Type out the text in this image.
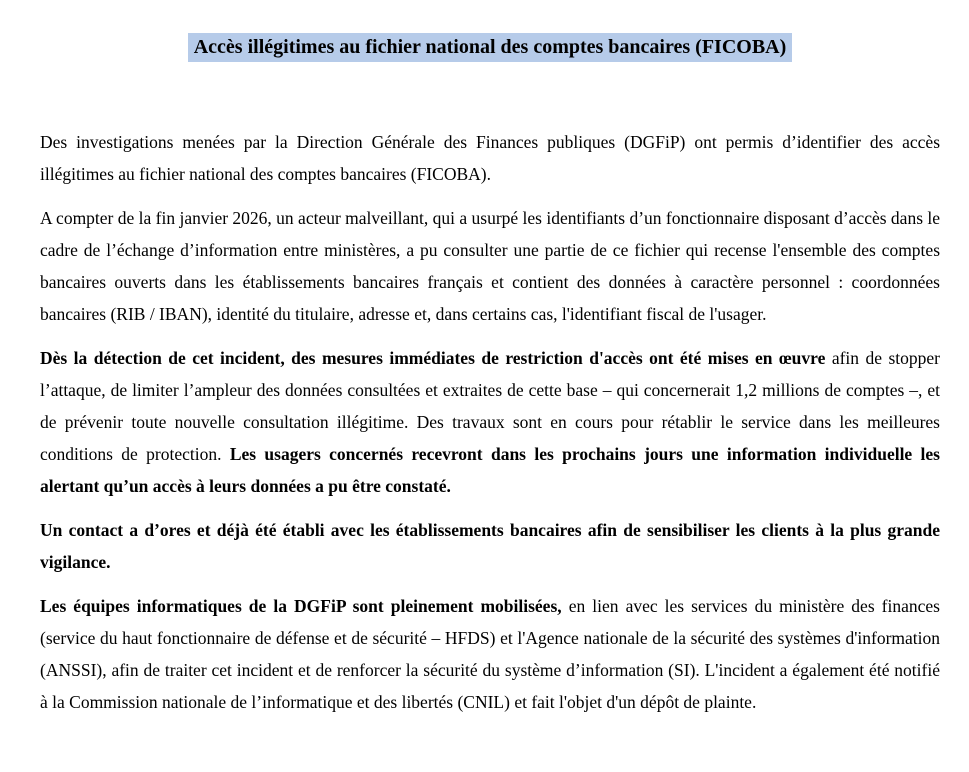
Accès illégitimes au fichier national des comptes bancaires (FICOBA)

Des investigations menées par la Direction Générale des Finances publiques (DGFiP) ont permis d’identifier des accès illégitimes au fichier national des comptes bancaires (FICOBA).

A compter de la fin janvier 2026, un acteur malveillant, qui a usurpé les identifiants d’un fonctionnaire disposant d’accès dans le cadre de l’échange d’information entre ministères, a pu consulter une partie de ce fichier qui recense l'ensemble des comptes bancaires ouverts dans les établissements bancaires français et contient des données à caractère personnel : coordonnées bancaires (RIB / IBAN), identité du titulaire, adresse et, dans certains cas, l'identifiant fiscal de l'usager.

Dès la détection de cet incident, des mesures immédiates de restriction d'accès ont été mises en œuvre afin de stopper l’attaque, de limiter l’ampleur des données consultées et extraites de cette base – qui concernerait 1,2 millions de comptes –, et de prévenir toute nouvelle consultation illégitime. Des travaux sont en cours pour rétablir le service dans les meilleures conditions de protection. Les usagers concernés recevront dans les prochains jours une information individuelle les alertant qu’un accès à leurs données a pu être constaté.

Un contact a d’ores et déjà été établi avec les établissements bancaires afin de sensibiliser les clients à la plus grande vigilance.

Les équipes informatiques de la DGFiP sont pleinement mobilisées, en lien avec les services du ministère des finances (service du haut fonctionnaire de défense et de sécurité – HFDS) et l'Agence nationale de la sécurité des systèmes d'information (ANSSI), afin de traiter cet incident et de renforcer la sécurité du système d’information (SI). L'incident a également été notifié à la Commission nationale de l’informatique et des libertés (CNIL) et fait l'objet d'un dépôt de plainte.
